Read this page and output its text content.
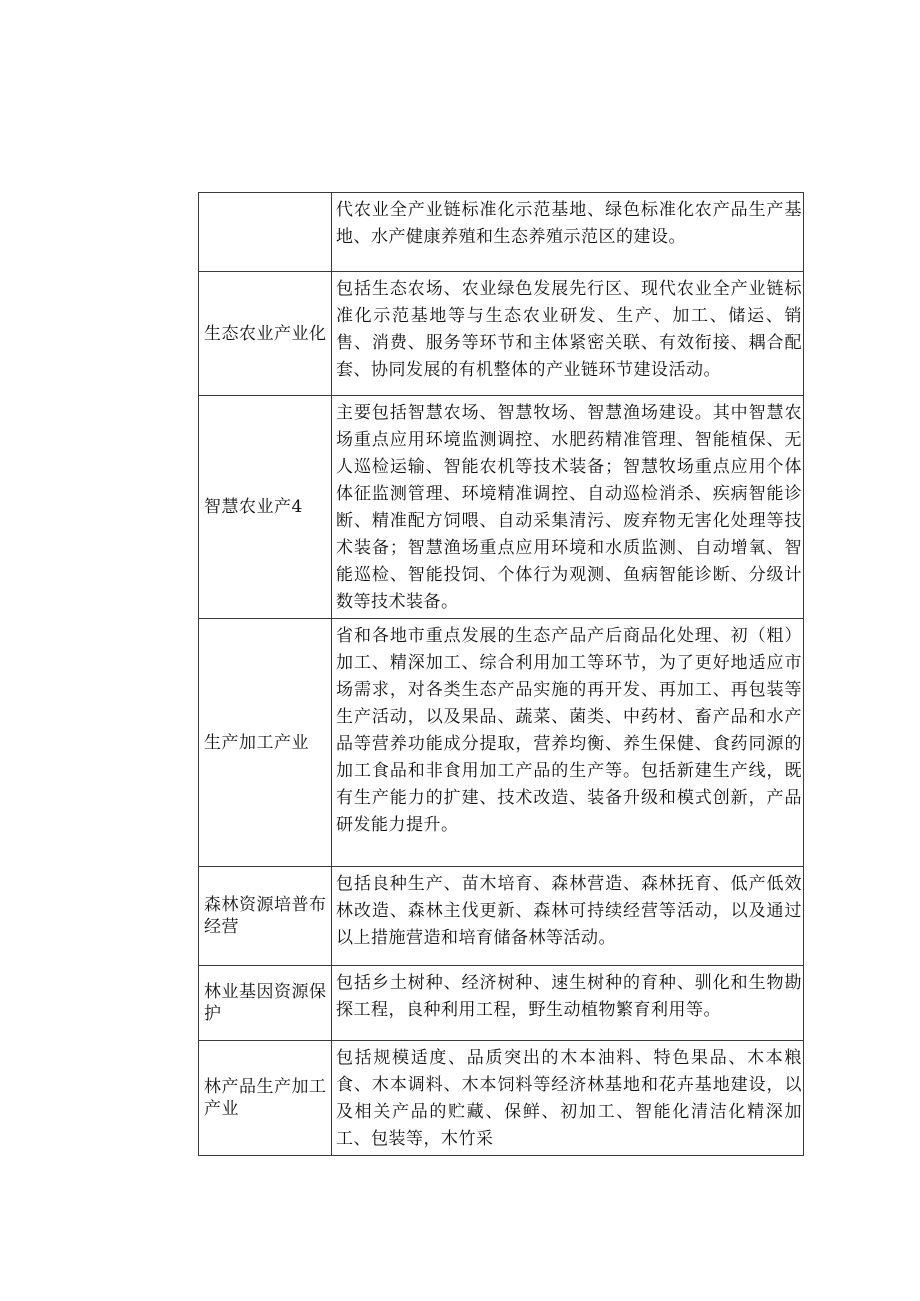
	代农业全产业链标准化示范基地、绿色标准化农产品生产基地、水产健康养殖和生态养殖示范区的建设。
生态农业产业化	包括生态农场、农业绿色发展先行区、现代农业全产业链标准化示范基地等与生态农业研发、生产、加工、储运、销售、消费、服务等环节和主体紧密关联、有效衔接、耦合配套、协同发展的有机整体的产业链环节建设活动。
智慧农业产4	主要包括智慧农场、智慧牧场、智慧渔场建设。其中智慧农场重点应用环境监测调控、水肥药精准管理、智能植保、无人巡检运输、智能农机等技术装备；智慧牧场重点应用个体体征监测管理、环境精准调控、自动巡检消杀、疾病智能诊断、精准配方饲喂、自动采集清污、废弃物无害化处理等技术装备；智慧渔场重点应用环境和水质监测、自动增氧、智能巡检、智能投饲、个体行为观测、鱼病智能诊断、分级计数等技术装备。
生产加工产业	省和各地市重点发展的生态产品产后商品化处理、初（粗）加工、精深加工、综合利用加工等环节，为了更好地适应市场需求，对各类生态产品实施的再开发、再加工、再包装等生产活动，以及果品、蔬菜、菌类、中药材、畜产品和水产品等营养功能成分提取，营养均衡、养生保健、食药同源的加工食品和非食用加工产品的生产等。包括新建生产线，既有生产能力的扩建、技术改造、装备升级和模式创新，产品研发能力提升。
森林资源培普布经营	包括良种生产、苗木培育、森林营造、森林抚育、低产低效林改造、森林主伐更新、森林可持续经营等活动，以及通过以上措施营造和培育储备林等活动。
林业基因资源保护	包括乡土树种、经济树种、速生树种的育种、驯化和生物勘探工程，良种利用工程，野生动植物繁育利用等。
林产品生产加工产业	包括规模适度、品质突出的木本油料、特色果品、木本粮食、木本调料、木本饲料等经济林基地和花卉基地建设，以及相关产品的贮藏、保鲜、初加工、智能化清洁化精深加工、包装等，木竹采
